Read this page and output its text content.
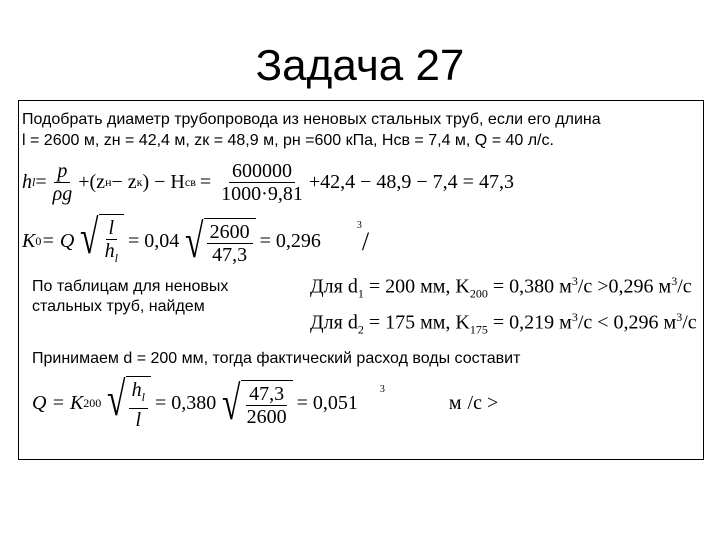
Задача 27
Подобрать диаметр трубопровода из неновых стальных труб, если его длина
l = 2600 м, zн = 42,4 м, zк = 48,9 м, pн =600 кПа, Hсв = 7,4 м, Q = 40 л/с.
h $l = \frac{p}{\rho g} +(z$ н − z к ) − H св = $\frac{600000}{1000\cdot 9,81} +42,4 - 48,9 - 7,4 = 47,3$
K 0 = Q √ $\frac{l}{h_l} = 0,04$ √ $\frac{2600}{47,3} = 0,296$
$^3$
/
По таблицам для неновых
стальных труб, найдем
Для $d_1 = 200$ мм, $K_{200} = 0,380$ $м^3/с >0,296$ $м^3/с$
Для $d_2 = 175$ мм, $K_{175} = 0,219$ $м^3/с < 0,296$ $м^3/с$
Принимаем d = 200 мм, тогда фактический расход воды составит
Q = K 200 √ $\frac{h_l}{l} = 0,380$ √ $\frac{47,3}{2600} = 0,051$
$^3$
м /с >
